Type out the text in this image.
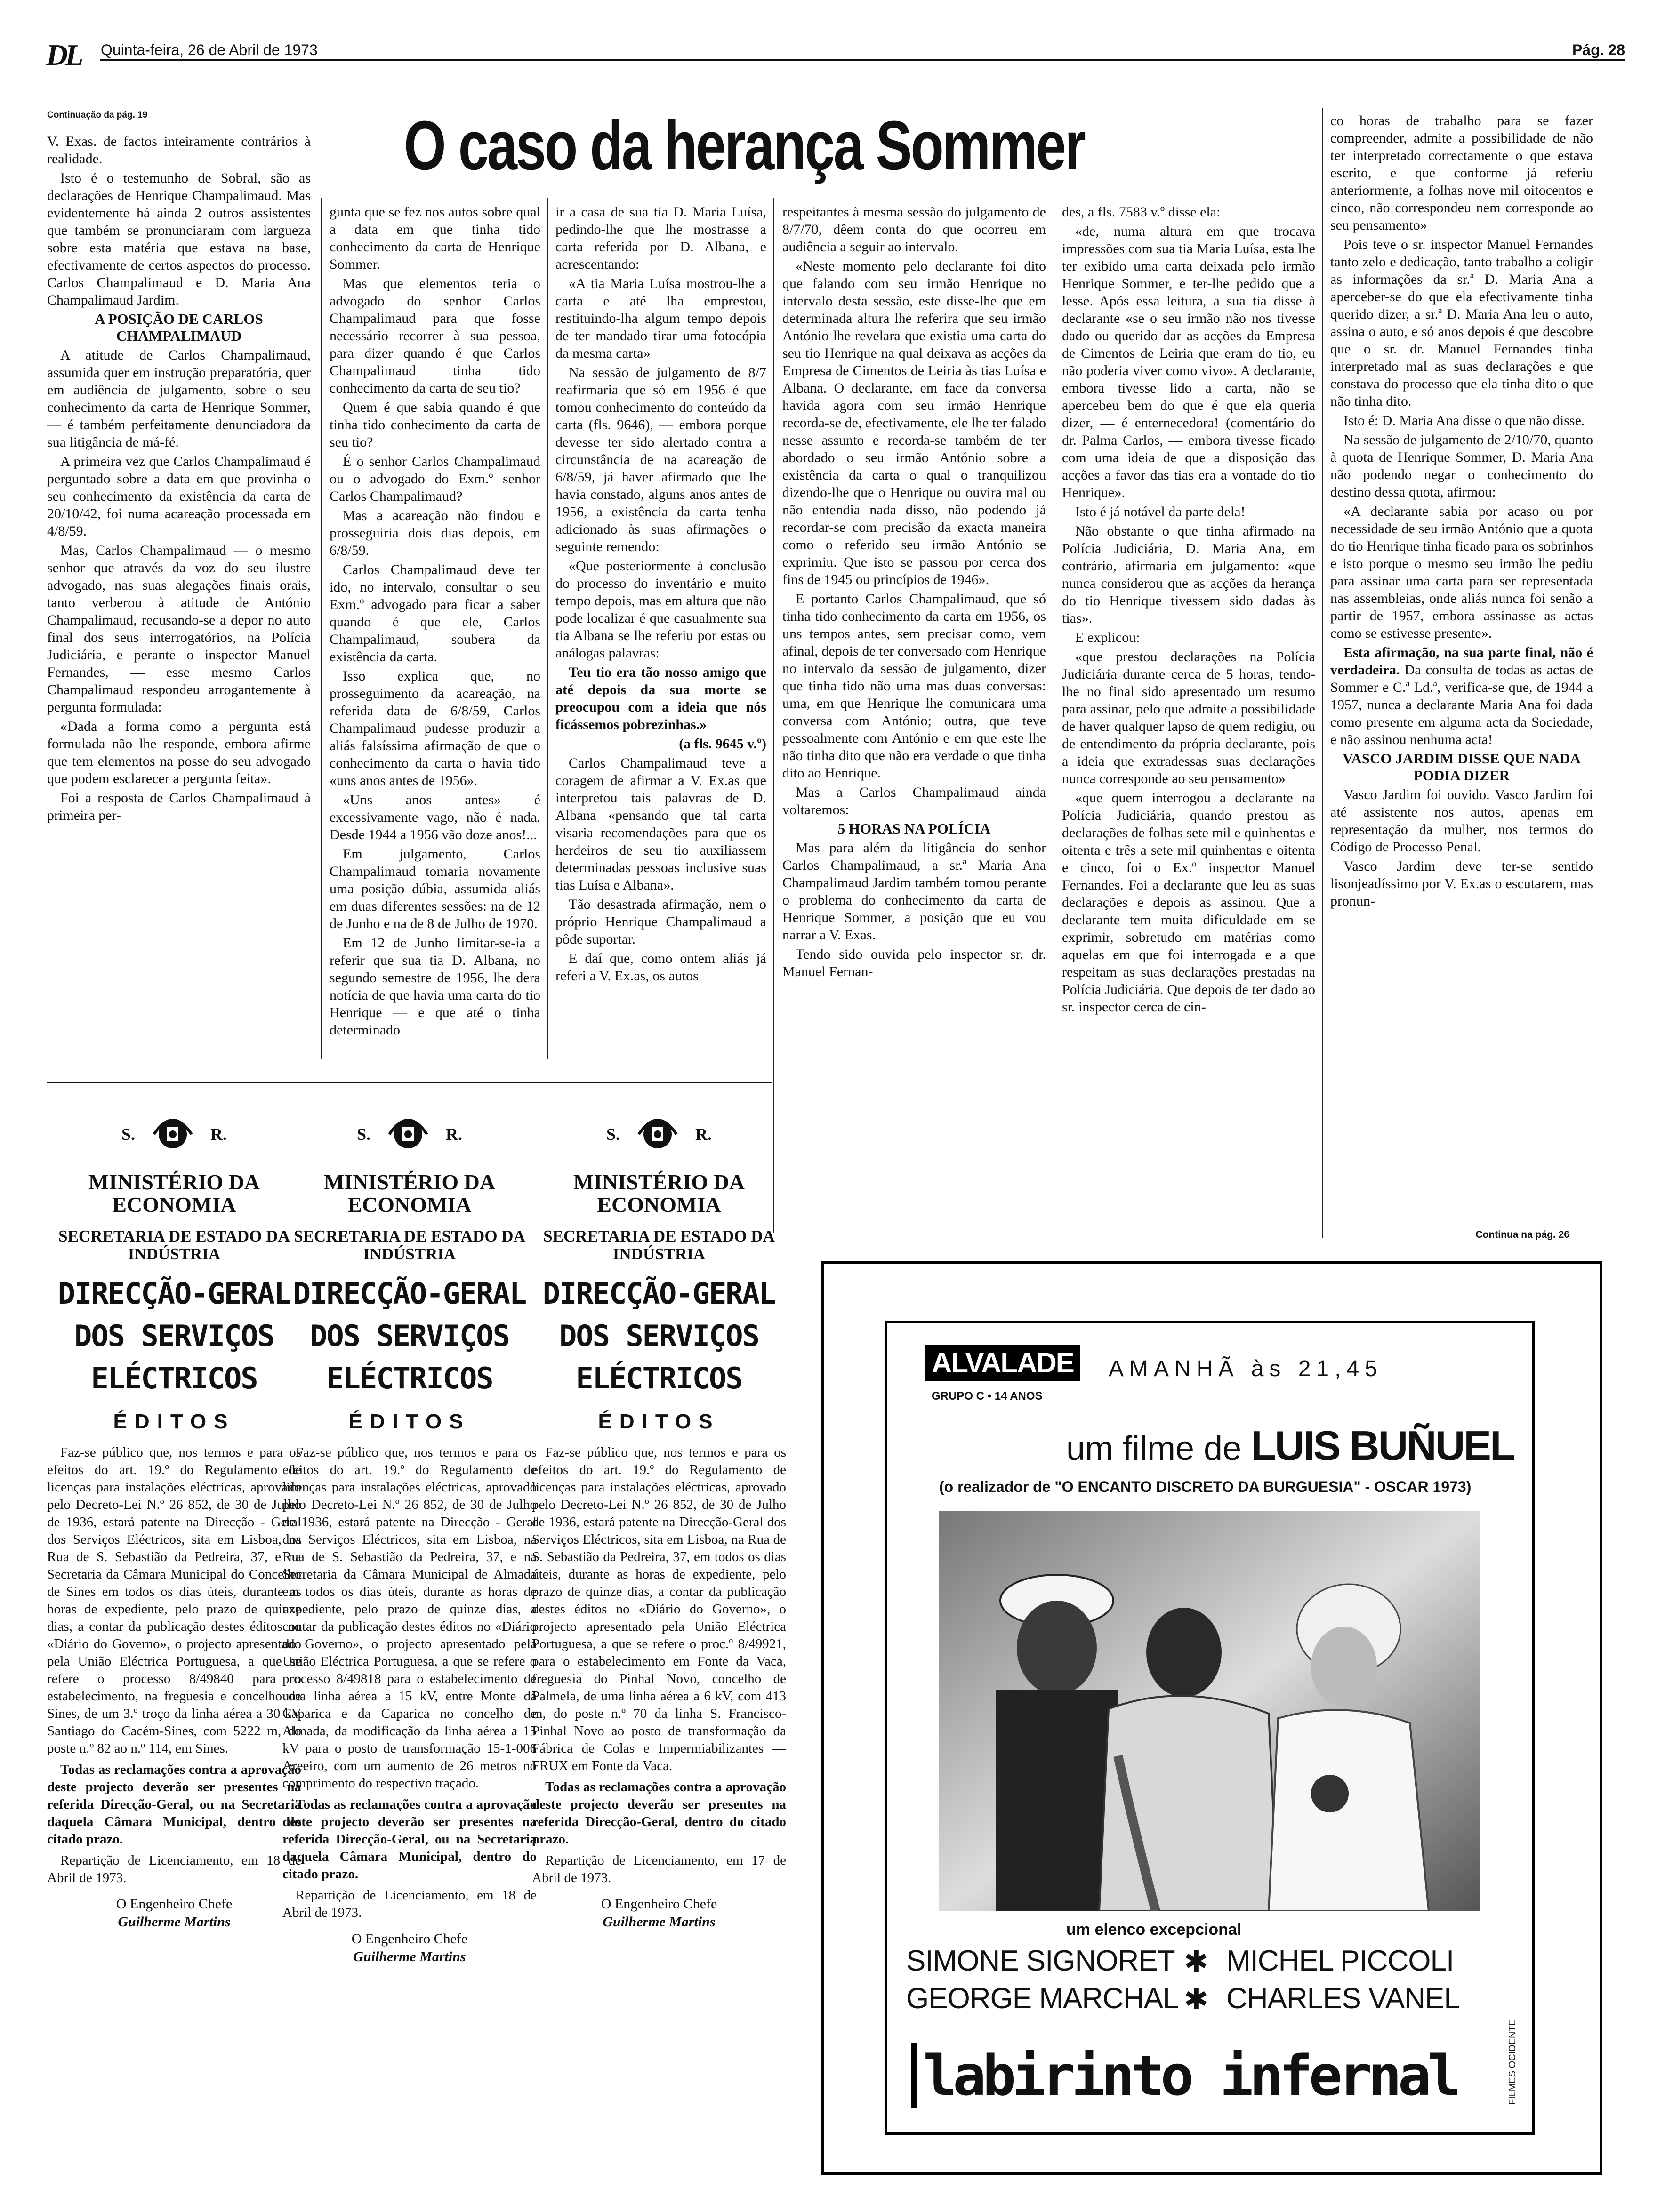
DL Quinta-feira, 26 de Abril de 1973	Pág. 28
Continuação da pág. 19	O caso da herança Sommer

V. Exas. de factos inteiramente contrários à realidade.

Isto é o testemunho de Sobral, são as declarações de Henrique Champalimaud. Mas evidentemente há ainda 2 outros assistentes que também se pronunciaram com largueza sobre esta matéria que estava na base, efectivamente de certos aspectos do processo. Carlos Champalimaud e D. Maria Ana Champalimaud Jardim.

A POSIÇÃO DE CARLOS CHAMPALIMAUD

A atitude de Carlos Champalimaud, assumida quer em instrução preparatória, quer em audiência de julgamento, sobre o seu conhecimento da carta de Henrique Sommer, — é também perfeitamente denunciadora da sua litigância de má-fé.

A primeira vez que Carlos Champalimaud é perguntado sobre a data em que provinha o seu conhecimento da existência da carta de 20/10/42, foi numa acareação processada em 4/8/59.

Mas, Carlos Champalimaud — o mesmo senhor que através da voz do seu ilustre advogado, nas suas alegações finais orais, tanto verberou à atitude de António Champalimaud, recusando-se a depor no auto final dos seus interrogatórios, na Polícia Judiciária, e perante o inspector Manuel Fernandes, — esse mesmo Carlos Champalimaud respondeu arrogantemente à pergunta formulada:

«Dada a forma como a pergunta está formulada não lhe responde, embora afirme que tem elementos na posse do seu advogado que podem esclarecer a pergunta feita».

Foi a resposta de Carlos Champalimaud à primeira per-

gunta que se fez nos autos sobre qual a data em que tinha tido conhecimento da carta de Henrique Sommer.

Mas que elementos teria o advogado do senhor Carlos Champalimaud para que fosse necessário recorrer à sua pessoa, para dizer quando é que Carlos Champalimaud tinha tido conhecimento da carta de seu tio?

Quem é que sabia quando é que tinha tido conhecimento da carta de seu tio?

É o senhor Carlos Champalimaud ou o advogado do Exm.º senhor Carlos Champalimaud?

Mas a acareação não findou e prosseguiria dois dias depois, em 6/8/59.

Carlos Champalimaud deve ter ido, no intervalo, consultar o seu Exm.º advogado para ficar a saber quando é que ele, Carlos Champalimaud, soubera da existência da carta.

Isso explica que, no prosseguimento da acareação, na referida data de 6/8/59, Carlos Champalimaud pudesse produzir a aliás falsíssima afirmação de que o conhecimento da carta o havia tido «uns anos antes de 1956».

«Uns anos antes» é excessivamente vago, não é nada. Desde 1944 a 1956 vão doze anos!...

Em julgamento, Carlos Champalimaud tomaria novamente uma posição dúbia, assumida aliás em duas diferentes sessões: na de 12 de Junho e na de 8 de Julho de 1970.

Em 12 de Junho limitar-se-ia a referir que sua tia D. Albana, no segundo semestre de 1956, lhe dera notícia de que havia uma carta do tio Henrique — e que até o tinha determinado

ir a casa de sua tia D. Maria Luísa, pedindo-lhe que lhe mostrasse a carta referida por D. Albana, e acrescentando:

«A tia Maria Luísa mostrou-lhe a carta e até lha emprestou, restituindo-lha algum tempo depois de ter mandado tirar uma fotocópia da mesma carta»

Na sessão de julgamento de 8/7 reafirmaria que só em 1956 é que tomou conhecimento do conteúdo da carta (fls. 9646), — embora porque devesse ter sido alertado contra a circunstância de na acareação de 6/8/59, já haver afirmado que lhe havia constado, alguns anos antes de 1956, a existência da carta tenha adicionado às suas afirmações o seguinte remendo:

«Que posteriormente à conclusão do processo do inventário e muito tempo depois, mas em altura que não pode localizar é que casualmente sua tia Albana se lhe referiu por estas ou análogas palavras:

Teu tio era tão nosso amigo que até depois da sua morte se preocupou com a ideia que nós ficássemos pobrezinhas.»

(a fls. 9645 v.º)

Carlos Champalimaud teve a coragem de afirmar a V. Ex.as que interpretou tais palavras de D. Albana «pensando que tal carta visaria recomendações para que os herdeiros de seu tio auxiliassem determinadas pessoas inclusive suas tias Luísa e Albana».

Tão desastrada afirmação, nem o próprio Henrique Champalimaud a pôde suportar.

E daí que, como ontem aliás já referi a V. Ex.as, os autos

respeitantes à mesma sessão do julgamento de 8/7/70, dêem conta do que ocorreu em audiência a seguir ao intervalo.

«Neste momento pelo declarante foi dito que falando com seu irmão Henrique no intervalo desta sessão, este disse-lhe que em determinada altura lhe referira que seu irmão António lhe revelara que existia uma carta do seu tio Henrique na qual deixava as acções da Empresa de Cimentos de Leiria às tias Luísa e Albana. O declarante, em face da conversa havida agora com seu irmão Henrique recorda-se de, efectivamente, ele lhe ter falado nesse assunto e recorda-se também de ter abordado o seu irmão António sobre a existência da carta o qual o tranquilizou dizendo-lhe que o Henrique ou ouvira mal ou não entendia nada disso, não podendo já recordar-se com precisão da exacta maneira como o referido seu irmão António se exprimiu. Que isto se passou por cerca dos fins de 1945 ou princípios de 1946».

E portanto Carlos Champalimaud, que só tinha tido conhecimento da carta em 1956, os uns tempos antes, sem precisar como, vem afinal, depois de ter conversado com Henrique no intervalo da sessão de julgamento, dizer que tinha tido não uma mas duas conversas: uma, em que Henrique lhe comunicara uma conversa com António; outra, que teve pessoalmente com António e em que este lhe não tinha dito que não era verdade o que tinha dito ao Henrique.

Mas a Carlos Champalimaud ainda voltaremos:

5 HORAS NA POLÍCIA

Mas para além da litigância do senhor Carlos Champalimaud, a sr.ª Maria Ana Champalimaud Jardim também tomou perante o problema do conhecimento da carta de Henrique Sommer, a posição que eu vou narrar a V. Exas.

Tendo sido ouvida pelo inspector sr. dr. Manuel Fernan-

des, a fls. 7583 v.º disse ela:

«de, numa altura em que trocava impressões com sua tia Maria Luísa, esta lhe ter exibido uma carta deixada pelo irmão Henrique Sommer, e ter-lhe pedido que a lesse. Após essa leitura, a sua tia disse à declarante «se o seu irmão não nos tivesse dado ou querido dar as acções da Empresa de Cimentos de Leiria que eram do tio, eu não poderia viver como vivo». A declarante, embora tivesse lido a carta, não se apercebeu bem do que é que ela queria dizer, — é enternecedora! (comentário do dr. Palma Carlos, — embora tivesse ficado com uma ideia de que a disposição das acções a favor das tias era a vontade do tio Henrique».

Isto é já notável da parte dela!

Não obstante o que tinha afirmado na Polícia Judiciária, D. Maria Ana, em contrário, afirmaria em julgamento: «que nunca considerou que as acções da herança do tio Henrique tivessem sido dadas às tias».

E explicou:

«que prestou declarações na Polícia Judiciária durante cerca de 5 horas, tendo-lhe no final sido apresentado um resumo para assinar, pelo que admite a possibilidade de haver qualquer lapso de quem redigiu, ou de entendimento da própria declarante, pois a ideia que extradessas suas declarações nunca corresponde ao seu pensamento»

«que quem interrogou a declarante na Polícia Judiciária, quando prestou as declarações de folhas sete mil e quinhentas e oitenta e três a sete mil quinhentas e oitenta e cinco, foi o Ex.º inspector Manuel Fernandes. Foi a declarante que leu as suas declarações e depois as assinou. Que a declarante tem muita dificuldade em se exprimir, sobretudo em matérias como aquelas em que foi interrogada e a que respeitam as suas declarações prestadas na Polícia Judiciária. Que depois de ter dado ao sr. inspector cerca de cin-

co horas de trabalho para se fazer compreender, admite a possibilidade de não ter interpretado correctamente o que estava escrito, e que conforme já referiu anteriormente, a folhas nove mil oitocentos e cinco, não correspondeu nem corresponde ao seu pensamento»

Pois teve o sr. inspector Manuel Fernandes tanto zelo e dedicação, tanto trabalho a coligir as informações da sr.ª D. Maria Ana a aperceber-se do que ela efectivamente tinha querido dizer, a sr.ª D. Maria Ana leu o auto, assina o auto, e só anos depois é que descobre que o sr. dr. Manuel Fernandes tinha interpretado mal as suas declarações e que constava do processo que ela tinha dito o que não tinha dito.

Isto é: D. Maria Ana disse o que não disse.

Na sessão de julgamento de 2/10/70, quanto à quota de Henrique Sommer, D. Maria Ana não podendo negar o conhecimento do destino dessa quota, afirmou:

«A declarante sabia por acaso ou por necessidade de seu irmão António que a quota do tio Henrique tinha ficado para os sobrinhos e isto porque o mesmo seu irmão lhe pediu para assinar uma carta para ser representada nas assembleias, onde aliás nunca foi senão a partir de 1957, embora assinasse as actas como se estivesse presente».

Esta afirmação, na sua parte final, não é verdadeira. Da consulta de todas as actas de Sommer e C.ª Ld.ª, verifica-se que, de 1944 a 1957, nunca a declarante Maria Ana foi dada como presente em alguma acta da Sociedade, e não assinou nenhuma acta!

VASCO JARDIM DISSE QUE NADA PODIA DIZER

Vasco Jardim foi ouvido. Vasco Jardim foi até assistente nos autos, apenas em representação da mulher, nos termos do Código de Processo Penal.

Vasco Jardim deve ter-se sentido lisonjeadíssimo por V. Ex.as o escutarem, mas pronun-

Continua na pág. 26
S.	R.
MINISTÉRIO DA ECONOMIA
SECRETARIA DE ESTADO DA INDÚSTRIA
DIRECÇÃO-GERAL
DOS SERVIÇOS
ELÉCTRICOS
ÉDITOS

Faz-se público que, nos termos e para os efeitos do art. 19.º do Regulamento de licenças para instalações eléctricas, aprovado pelo Decreto-Lei N.º 26 852, de 30 de Julho de 1936, estará patente na Direcção - Geral dos Serviços Eléctricos, sita em Lisboa, na Rua de S. Sebastião da Pedreira, 37, e na Secretaria da Câmara Municipal do Concelho de Sines em todos os dias úteis, durante as horas de expediente, pelo prazo de quinze dias, a contar da publicação destes éditos no «Diário do Governo», o projecto apresentado pela União Eléctrica Portuguesa, a que se refere o processo 8/49840 para o estabelecimento, na freguesia e concelho de Sines, de um 3.º troço da linha aérea a 30 kV Santiago do Cacém-Sines, com 5222 m, do poste n.º 82 ao n.º 114, em Sines.

Todas as reclamações contra a aprovação deste projecto deverão ser presentes na referida Direcção-Geral, ou na Secretaria daquela Câmara Municipal, dentro do citado prazo.

Repartição de Licenciamento, em 18 de Abril de 1973.

O Engenheiro Chefe
Guilherme Martins
S.	R.
MINISTÉRIO DA ECONOMIA
SECRETARIA DE ESTADO DA INDÚSTRIA
DIRECÇÃO-GERAL
DOS SERVIÇOS
ELÉCTRICOS
ÉDITOS

Faz-se público que, nos termos e para os efeitos do art. 19.º do Regulamento de licenças para instalações eléctricas, aprovado pelo Decreto-Lei N.º 26 852, de 30 de Julho de 1936, estará patente na Direcção - Geral dos Serviços Eléctricos, sita em Lisboa, na Rua de S. Sebastião da Pedreira, 37, e na Secretaria da Câmara Municipal de Almada em todos os dias úteis, durante as horas de expediente, pelo prazo de quinze dias, a contar da publicação destes éditos no «Diário do Governo», o projecto apresentado pela União Eléctrica Portuguesa, a que se refere o processo 8/49818 para o estabelecimento de uma linha aérea a 15 kV, entre Monte da Caparica e da Caparica no concelho de Almada, da modificação da linha aérea a 15 kV para o posto de transformação 15-1-006 Areeiro, com um aumento de 26 metros no comprimento do respectivo traçado.

Todas as reclamações contra a aprovação deste projecto deverão ser presentes na referida Direcção-Geral, ou na Secretaria daquela Câmara Municipal, dentro do citado prazo.

Repartição de Licenciamento, em 18 de Abril de 1973.

O Engenheiro Chefe
Guilherme Martins
S.	R.
MINISTÉRIO DA ECONOMIA
SECRETARIA DE ESTADO DA INDÚSTRIA
DIRECÇÃO-GERAL
DOS SERVIÇOS
ELÉCTRICOS
ÉDITOS

Faz-se público que, nos termos e para os efeitos do art. 19.º do Regulamento de licenças para instalações eléctricas, aprovado pelo Decreto-Lei N.º 26 852, de 30 de Julho de 1936, estará patente na Direcção-Geral dos Serviços Eléctricos, sita em Lisboa, na Rua de S. Sebastião da Pedreira, 37, em todos os dias úteis, durante as horas de expediente, pelo prazo de quinze dias, a contar da publicação destes éditos no «Diário do Governo», o projecto apresentado pela União Eléctrica Portuguesa, a que se refere o proc.º 8/49921, para o estabelecimento em Fonte da Vaca, freguesia do Pinhal Novo, concelho de Palmela, de uma linha aérea a 6 kV, com 413 m, do poste n.º 70 da linha S. Francisco-Pinhal Novo ao posto de transformação da Fábrica de Colas e Impermiabilizantes — FRUX em Fonte da Vaca.

Todas as reclamações contra a aprovação deste projecto deverão ser presentes na referida Direcção-Geral, dentro do citado prazo.

Repartição de Licenciamento, em 17 de Abril de 1973.

O Engenheiro Chefe
Guilherme Martins
ALVALADE
GRUPO C • 14 ANOS
AMANHÃ às 21,45
um filme de LUIS BUÑUEL
(o realizador de "O ENCANTO DISCRETO DA BURGUESIA" - OSCAR 1973)
um elenco excepcional
SIMONE SIGNORET ✱ MICHEL PICCOLI
GEORGE MARCHAL ✱ CHARLES VANEL
labirinto infernal	FILMES OCIDENTE
